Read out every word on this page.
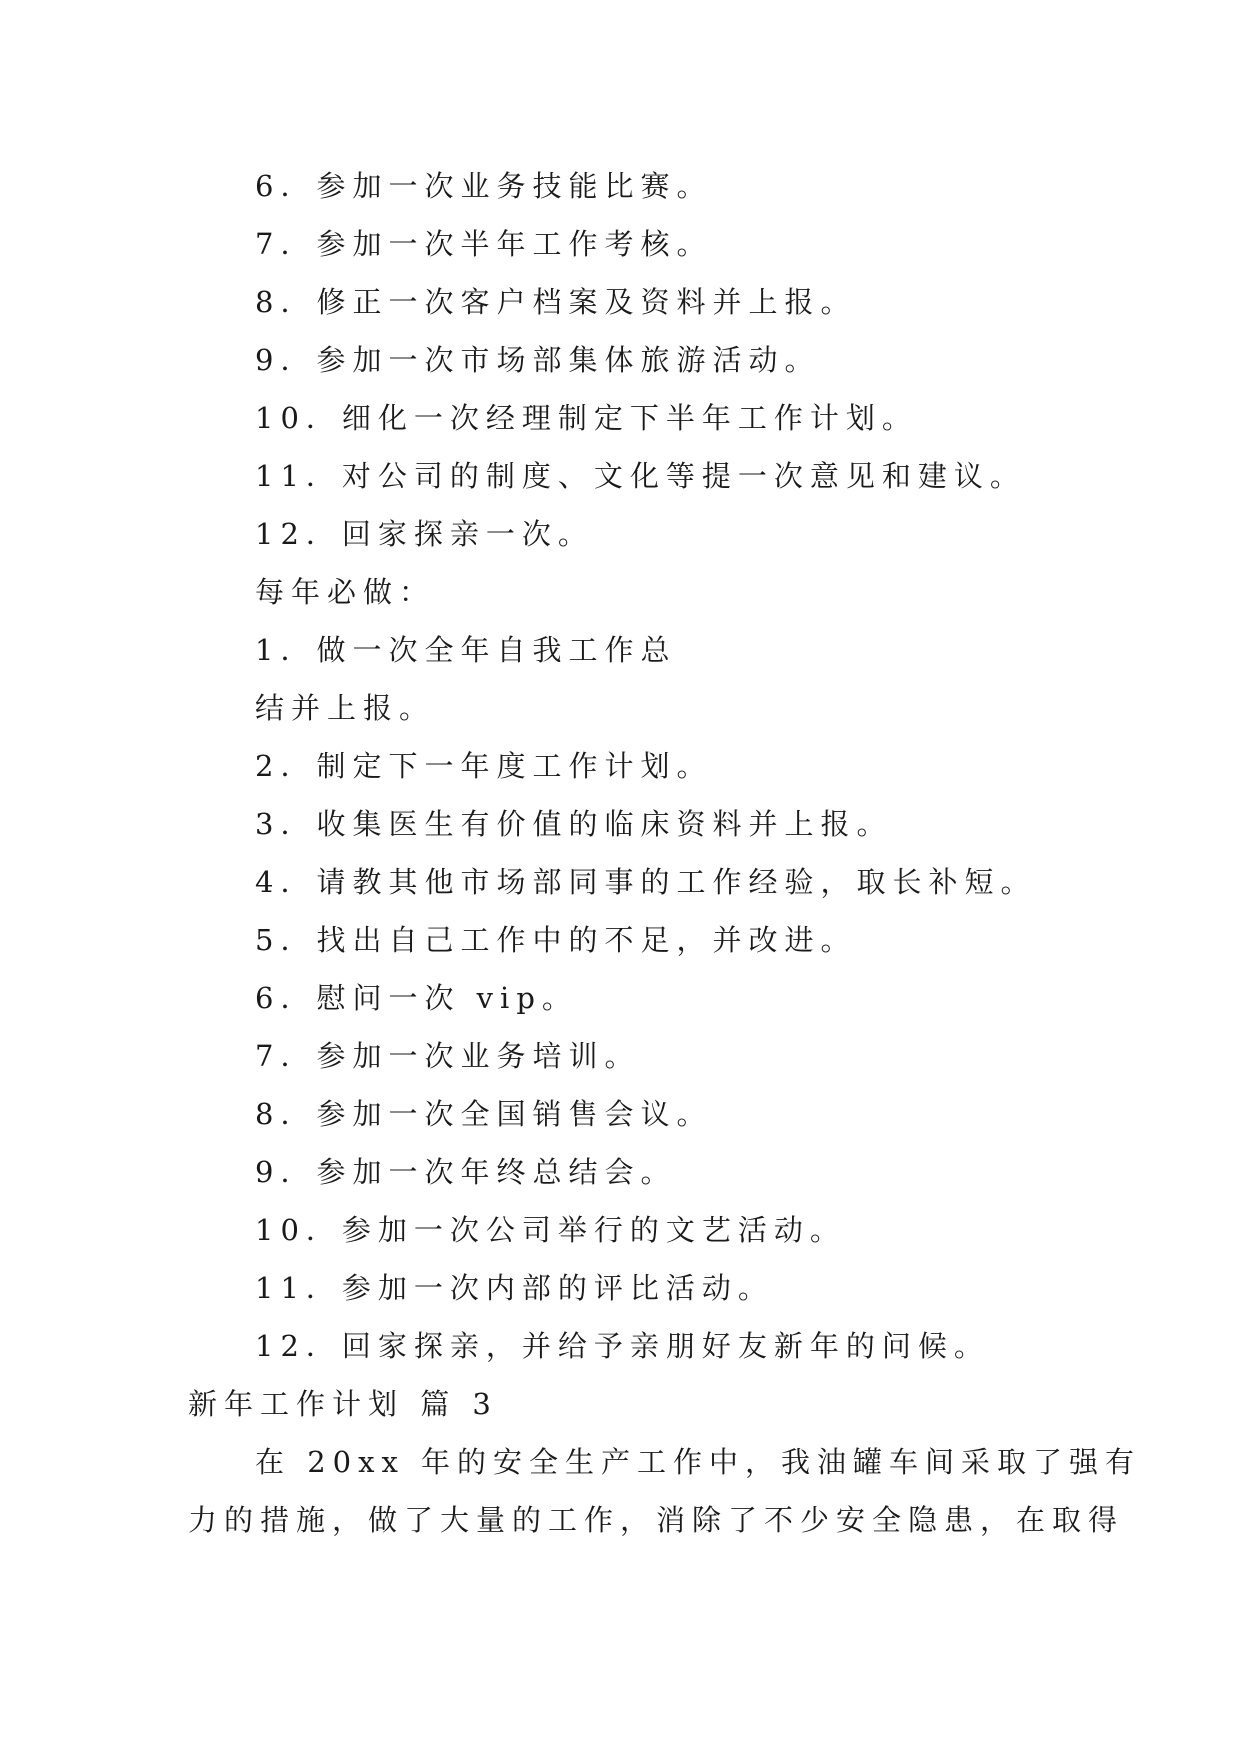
6．参加一次业务技能比赛。
7．参加一次半年工作考核。
8．修正一次客户档案及资料并上报。
9．参加一次市场部集体旅游活动。
10．细化一次经理制定下半年工作计划。
11．对公司的制度、文化等提一次意见和建议。
12．回家探亲一次。
每年必做：
1．做一次全年自我工作总
结并上报。
2．制定下一年度工作计划。
3．收集医生有价值的临床资料并上报。
4．请教其他市场部同事的工作经验，取长补短。
5．找出自己工作中的不足，并改进。
6．慰问一次 vip。
7．参加一次业务培训。
8．参加一次全国销售会议。
9．参加一次年终总结会。
10．参加一次公司举行的文艺活动。
11．参加一次内部的评比活动。
12．回家探亲，并给予亲朋好友新年的问候。
新年工作计划 篇 3
在 20xx 年的安全生产工作中，我油罐车间采取了强有
力的措施，做了大量的工作，消除了不少安全隐患，在取得
